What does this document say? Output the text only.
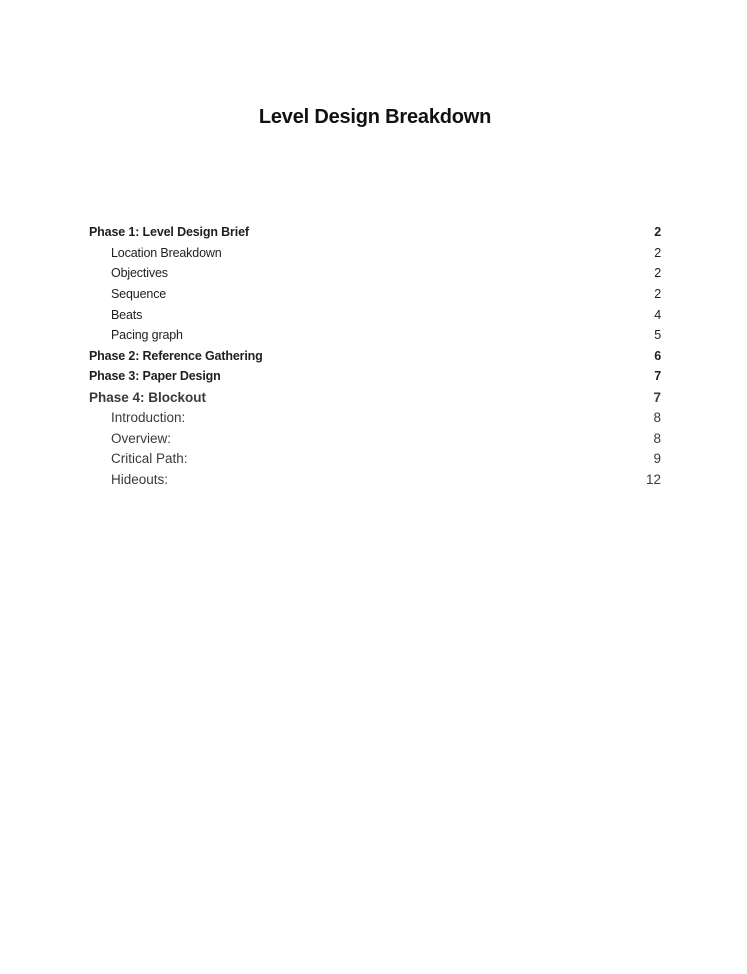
Level Design Breakdown
Phase 1: Level Design Brief	2
Location Breakdown	2
Objectives	2
Sequence	2
Beats	4
Pacing graph	5
Phase 2: Reference Gathering	6
Phase 3: Paper Design	7
Phase 4: Blockout	7
Introduction:	8
Overview:	8
Critical Path:	9
Hideouts:	12
